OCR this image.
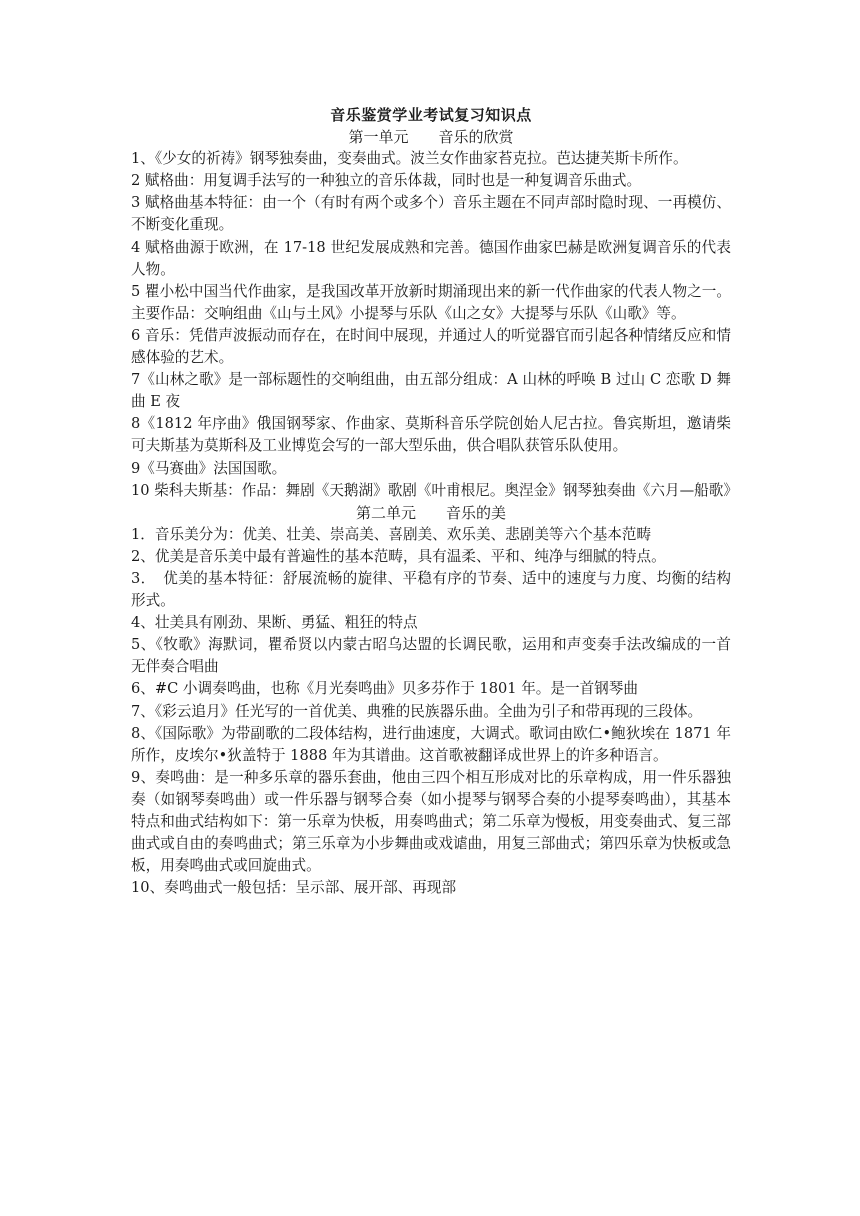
音乐鉴赏学业考试复习知识点
第一单元　　音乐的欣赏
1、《少女的祈祷》钢琴独奏曲，变奏曲式。波兰女作曲家苔克拉。芭达捷芙斯卡所作。
2 赋格曲：用复调手法写的一种独立的音乐体裁，同时也是一种复调音乐曲式。
3 赋格曲基本特征：由一个（有时有两个或多个）音乐主题在不同声部时隐时现、一再模仿、不断变化重现。
4 赋格曲源于欧洲，在 17-18 世纪发展成熟和完善。德国作曲家巴赫是欧洲复调音乐的代表人物。
5 瞿小松中国当代作曲家，是我国改革开放新时期涌现出来的新一代作曲家的代表人物之一。主要作品：交响组曲《山与土风》小提琴与乐队《山之女》大提琴与乐队《山歌》等。
6 音乐：凭借声波振动而存在，在时间中展现，并通过人的听觉器官而引起各种情绪反应和情感体验的艺术。
7《山林之歌》是一部标题性的交响组曲，由五部分组成：A 山林的呼唤 B 过山 C 恋歌 D 舞曲 E 夜
8《1812 年序曲》俄国钢琴家、作曲家、莫斯科音乐学院创始人尼古拉。鲁宾斯坦，邀请柴可夫斯基为莫斯科及工业博览会写的一部大型乐曲，供合唱队获管乐队使用。
9《马赛曲》法国国歌。
10 柴科夫斯基：作品：舞剧《天鹅湖》歌剧《叶甫根尼。奥涅金》钢琴独奏曲《六月—船歌》
第二单元　　音乐的美
1．音乐美分为：优美、壮美、崇高美、喜剧美、欢乐美、悲剧美等六个基本范畴
2、优美是音乐美中最有普遍性的基本范畴，具有温柔、平和、纯净与细腻的特点。
3．　优美的基本特征：舒展流畅的旋律、平稳有序的节奏、适中的速度与力度、均衡的结构形式。
4、壮美具有刚劲、果断、勇猛、粗狂的特点
5、《牧歌》海默词，瞿希贤以内蒙古昭乌达盟的长调民歌，运用和声变奏手法改编成的一首无伴奏合唱曲
6、#C 小调奏鸣曲，也称《月光奏鸣曲》贝多芬作于 1801 年。是一首钢琴曲
7、《彩云追月》任光写的一首优美、典雅的民族器乐曲。全曲为引子和带再现的三段体。
8、《国际歌》为带副歌的二段体结构，进行曲速度，大调式。歌词由欧仁•鲍狄埃在 1871 年所作，皮埃尔•狄盖特于 1888 年为其谱曲。这首歌被翻译成世界上的许多种语言。
9、奏鸣曲：是一种多乐章的器乐套曲，他由三四个相互形成对比的乐章构成，用一件乐器独奏（如钢琴奏鸣曲）或一件乐器与钢琴合奏（如小提琴与钢琴合奏的小提琴奏鸣曲），其基本特点和曲式结构如下：第一乐章为快板，用奏鸣曲式；第二乐章为慢板，用变奏曲式、复三部曲式或自由的奏鸣曲式；第三乐章为小步舞曲或戏谑曲，用复三部曲式；第四乐章为快板或急板，用奏鸣曲式或回旋曲式。
10、奏鸣曲式一般包括：呈示部、展开部、再现部
